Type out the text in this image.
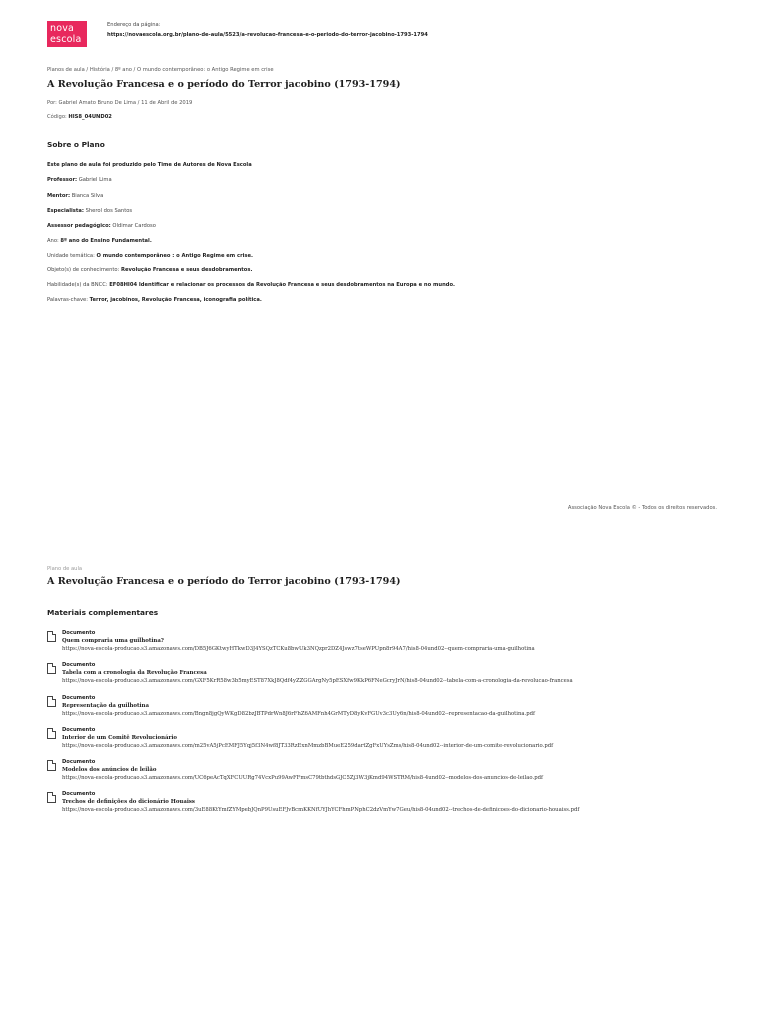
nova
escola
Endereço da página:
https://novaescola.org.br/plano-de-aula/5523/a-revolucao-francesa-e-o-periodo-do-terror-jacobino-1793-1794
Planos de aula / História / 8º ano / O mundo contemporâneo: o Antigo Regime em crise
A Revolução Francesa e o período do Terror jacobino (1793-1794)
Por: Gabriel Amato Bruno De Lima / 11 de Abril de 2019
Código: HIS8_04UND02
Sobre o Plano
Este plano de aula foi produzido pelo Time de Autores de Nova Escola
Professor: Gabriel Lima
Mentor: Bianca Silva
Especialista: Sherol dos Santos
Assessor pedagógico: Oldimar Cardoso
Ano: 8º ano do Ensino Fundamental.
Unidade temática: O mundo contemporâneo : o Antigo Regime em crise.
Objeto(s) de conhecimento: Revolução Francesa e seus desdobramentos.
Habilidade(s) da BNCC: EF08HI04 Identificar e relacionar os processos da Revolução Francesa e seus desdobramentos na Europa e no mundo.
Palavras-chave: Terror, jacobinos, Revolução Francesa, iconografia política.
Associação Nova Escola © - Todos os direitos reservados.
Plano de aula
A Revolução Francesa e o período do Terror jacobino (1793-1794)
Materiais complementares
Documento
Quem compraria uma guilhotina?
https://nova-escola-producao.s3.amazonaws.com/DB5J6GKtwyHTkwD3J4YSQzTCKu8bwUk3NQzpr2DZ4Jswz7tseWPUpn8r94A7/his8-04und02--quem-compraria-uma-guilhotina
Documento
Tabela com a cronologia da Revolução Francesa
https://nova-escola-producao.s3.amazonaws.com/GXF5KrR58w3b5myEST87XkJ8Qdf4yZZGGArgNy5pESXfw9KkP6FNeGcryJrN/his8-04und02--tabela-com-a-cronologia-da-revolucao-francesa
Documento
Representação da guilhotina
https://nova-escola-producao.s3.amazonaws.com/Bngn8jgQyWKgD82bzJBTPdrWn8J6rFhZ6AMFnh4GrMTyD8yKvFGUv3c3Uy6n/his8-04und02--representacao-da-guilhotina.pdf
Documento
Interior de um Comitê Revolucionário
https://nova-escola-producao.s3.amazonaws.com/m25vA5jPcEMFJ5Yqj5f3N4wf8JT33RzExnMmzbBMueE259dartZgFxUYsZms/his8-04und02--interior-de-um-comite-revolucionario.pdf
Documento
Modelos dos anúncios de leilão
https://nova-escola-producao.s3.amazonaws.com/UC6peAcTqXFCUURg74VcxPu99AwFFmsC79tbthdsGJC5Zj3W3jKmd94WSTRM/his8-4und02--modelos-dos-anuncios-de-leilao.pdf
Documento
Trechos de definições do dicionário Houaiss
https://nova-escola-producao.s3.amazonaws.com/3uE88KtYmfZYMpebJQnP9UsuEFJvBcmKKNfUYJhYCFhmPNphC2dzVmYw7Geu/his8-04und02--trechos-de-definicoes-do-dicionario-houaiss.pdf
